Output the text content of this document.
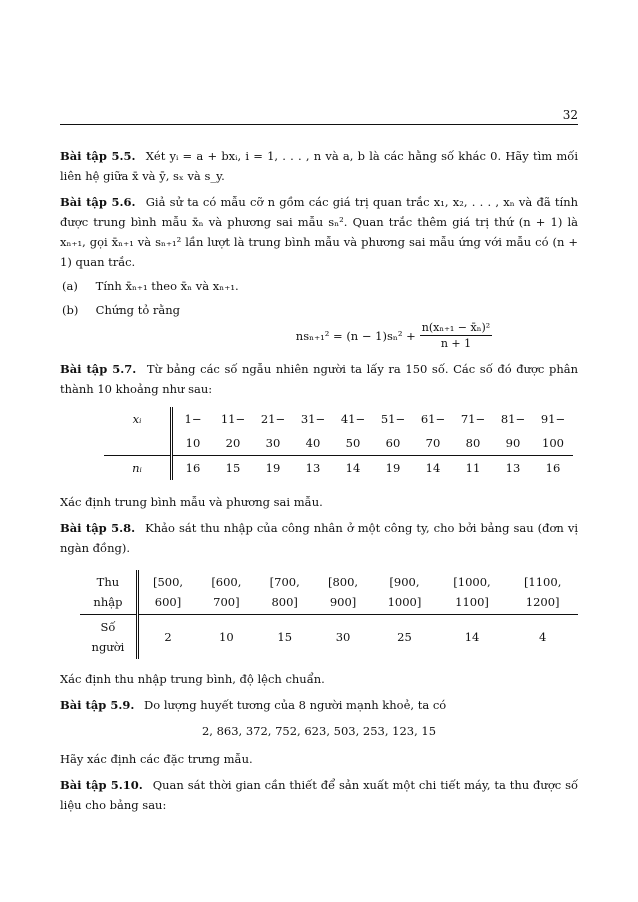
32

Bài tập 5.5. Xét yᵢ = a + bxᵢ, i = 1, . . . , n và a, b là các hằng số khác 0. Hãy tìm mối liên hệ giữa x̄ và ȳ, sₓ và s_y.

Bài tập 5.6. Giả sử ta có mẫu cỡ n gồm các giá trị quan trắc x₁, x₂, . . . , xₙ và đã tính được trung bình mẫu x̄ₙ và phương sai mẫu sₙ². Quan trắc thêm giá trị thứ (n + 1) là xₙ₊₁, gọi x̄ₙ₊₁ và sₙ₊₁² lần lượt là trung bình mẫu và phương sai mẫu ứng với mẫu có (n + 1) quan trắc.

(a) Tính x̄ₙ₊₁ theo x̄ₙ và xₙ₊₁.
(b) Chứng tỏ rằng
$ns_{n+1}^2 = (n - 1)s_n^2 + \frac{\text{n(xₙ₊₁ − x̄ₙ)²}}{n + 1}$

Bài tập 5.7. Từ bảng các số ngẫu nhiên người ta lấy ra 150 số. Các số đó được phân thành 10 khoảng như sau:

xᵢ	1−	11−	21−	31−	41−	51−	61−	71−	81−	91−
	10	20	30	40	50	60	70	80	90	100
nᵢ	16	15	19	13	14	19	14	11	13	16

Xác định trung bình mẫu và phương sai mẫu.

Bài tập 5.8. Khảo sát thu nhập của công nhân ở một công ty, cho bởi bảng sau (đơn vị ngàn đồng).

Thu nhập	[500, 600]	[600, 700]	[700, 800]	[800, 900]	[900, 1000]	[1000, 1100]	[1100, 1200]
Số người	2	10	15	30	25	14	4

Xác định thu nhập trung bình, độ lệch chuẩn.

Bài tập 5.9. Do lượng huyết tương của 8 người mạnh khoẻ, ta có

2, 863, 372, 752, 623, 503, 253, 123, 15

Hãy xác định các đặc trưng mẫu.

Bài tập 5.10. Quan sát thời gian cần thiết để sản xuất một chi tiết máy, ta thu được số liệu cho bảng sau:
